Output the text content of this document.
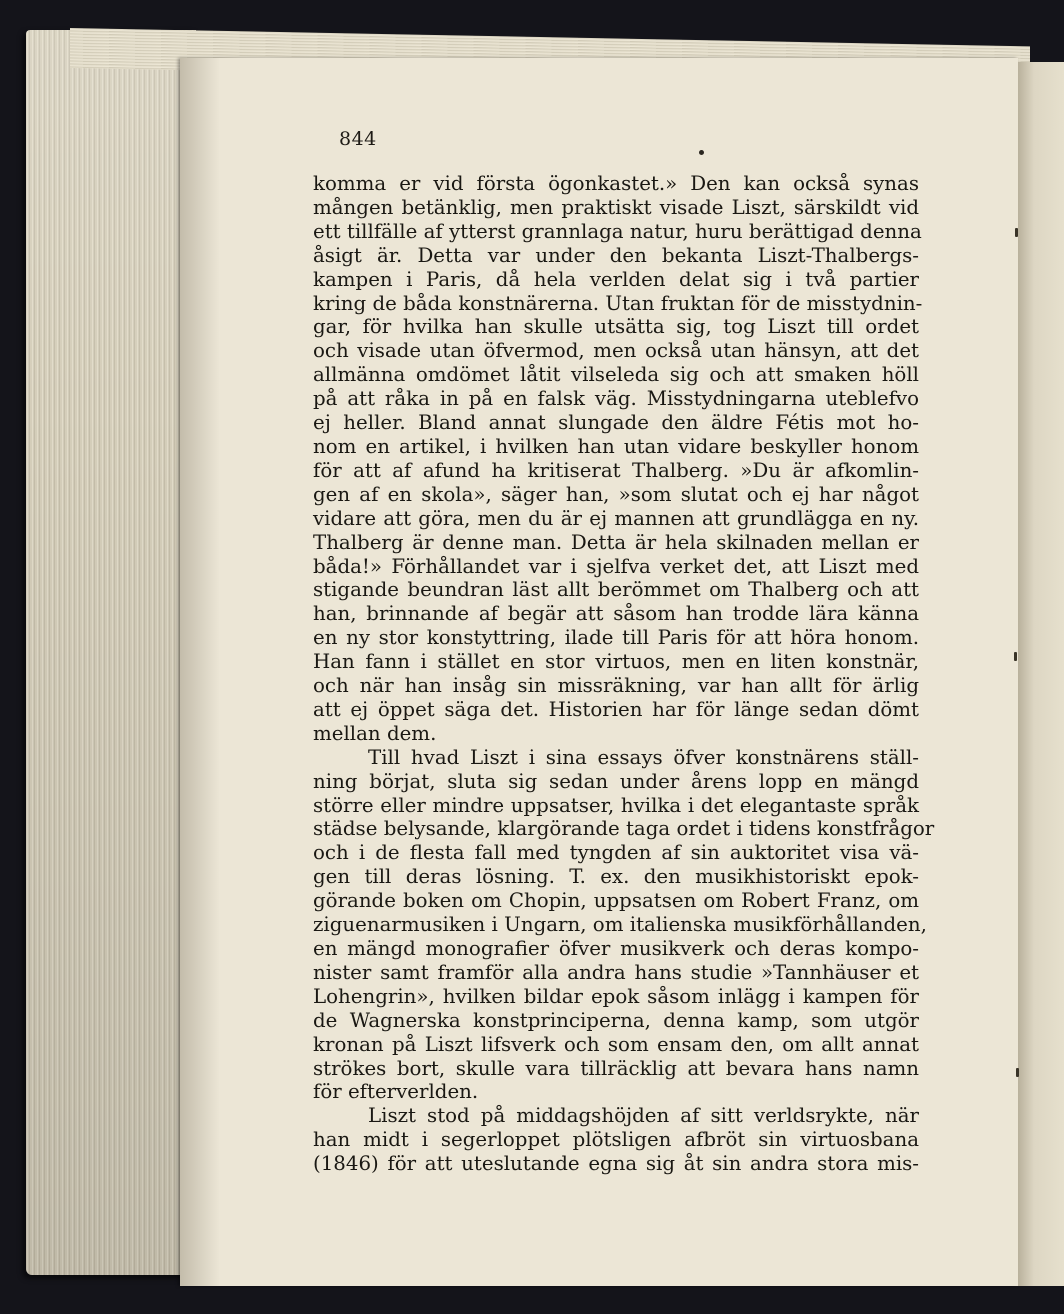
844
komma er vid första ögonkastet.» Den kan också synas
mången betänklig, men praktiskt visade Liszt, särskildt vid
ett tillfälle af ytterst grannlaga natur, huru berättigad denna
åsigt är. Detta var under den bekanta Liszt-Thalbergs-
kampen i Paris, då hela verlden delat sig i två partier
kring de båda konstnärerna. Utan fruktan för de misstydnin-
gar, för hvilka han skulle utsätta sig, tog Liszt till ordet
och visade utan öfvermod, men också utan hänsyn, att det
allmänna omdömet låtit vilseleda sig och att smaken höll
på att råka in på en falsk väg. Misstydningarna uteblefvo
ej heller. Bland annat slungade den äldre Fétis mot ho-
nom en artikel, i hvilken han utan vidare beskyller honom
för att af afund ha kritiserat Thalberg. »Du är afkomlin-
gen af en skola», säger han, »som slutat och ej har något
vidare att göra, men du är ej mannen att grundlägga en ny.
Thalberg är denne man. Detta är hela skilnaden mellan er
båda!» Förhållandet var i sjelfva verket det, att Liszt med
stigande beundran läst allt berömmet om Thalberg och att
han, brinnande af begär att såsom han trodde lära känna
en ny stor konstyttring, ilade till Paris för att höra honom.
Han fann i stället en stor virtuos, men en liten konstnär,
och när han insåg sin missräkning, var han allt för ärlig
att ej öppet säga det. Historien har för länge sedan dömt
mellan dem.
Till hvad Liszt i sina essays öfver konstnärens ställ-
ning börjat, sluta sig sedan under årens lopp en mängd
större eller mindre uppsatser, hvilka i det elegantaste språk
städse belysande, klargörande taga ordet i tidens konstfrågor
och i de flesta fall med tyngden af sin auktoritet visa vä-
gen till deras lösning. T. ex. den musikhistoriskt epok-
görande boken om Chopin, uppsatsen om Robert Franz, om
ziguenarmusiken i Ungarn, om italienska musikförhållanden,
en mängd monografier öfver musikverk och deras kompo-
nister samt framför alla andra hans studie »Tannhäuser et
Lohengrin», hvilken bildar epok såsom inlägg i kampen för
de Wagnerska konstprinciperna, denna kamp, som utgör
kronan på Liszt lifsverk och som ensam den, om allt annat
strökes bort, skulle vara tillräcklig att bevara hans namn
för efterverlden.
Liszt stod på middagshöjden af sitt verldsrykte, när
han midt i segerloppet plötsligen afbröt sin virtuosbana
(1846) för att uteslutande egna sig åt sin andra stora mis-
